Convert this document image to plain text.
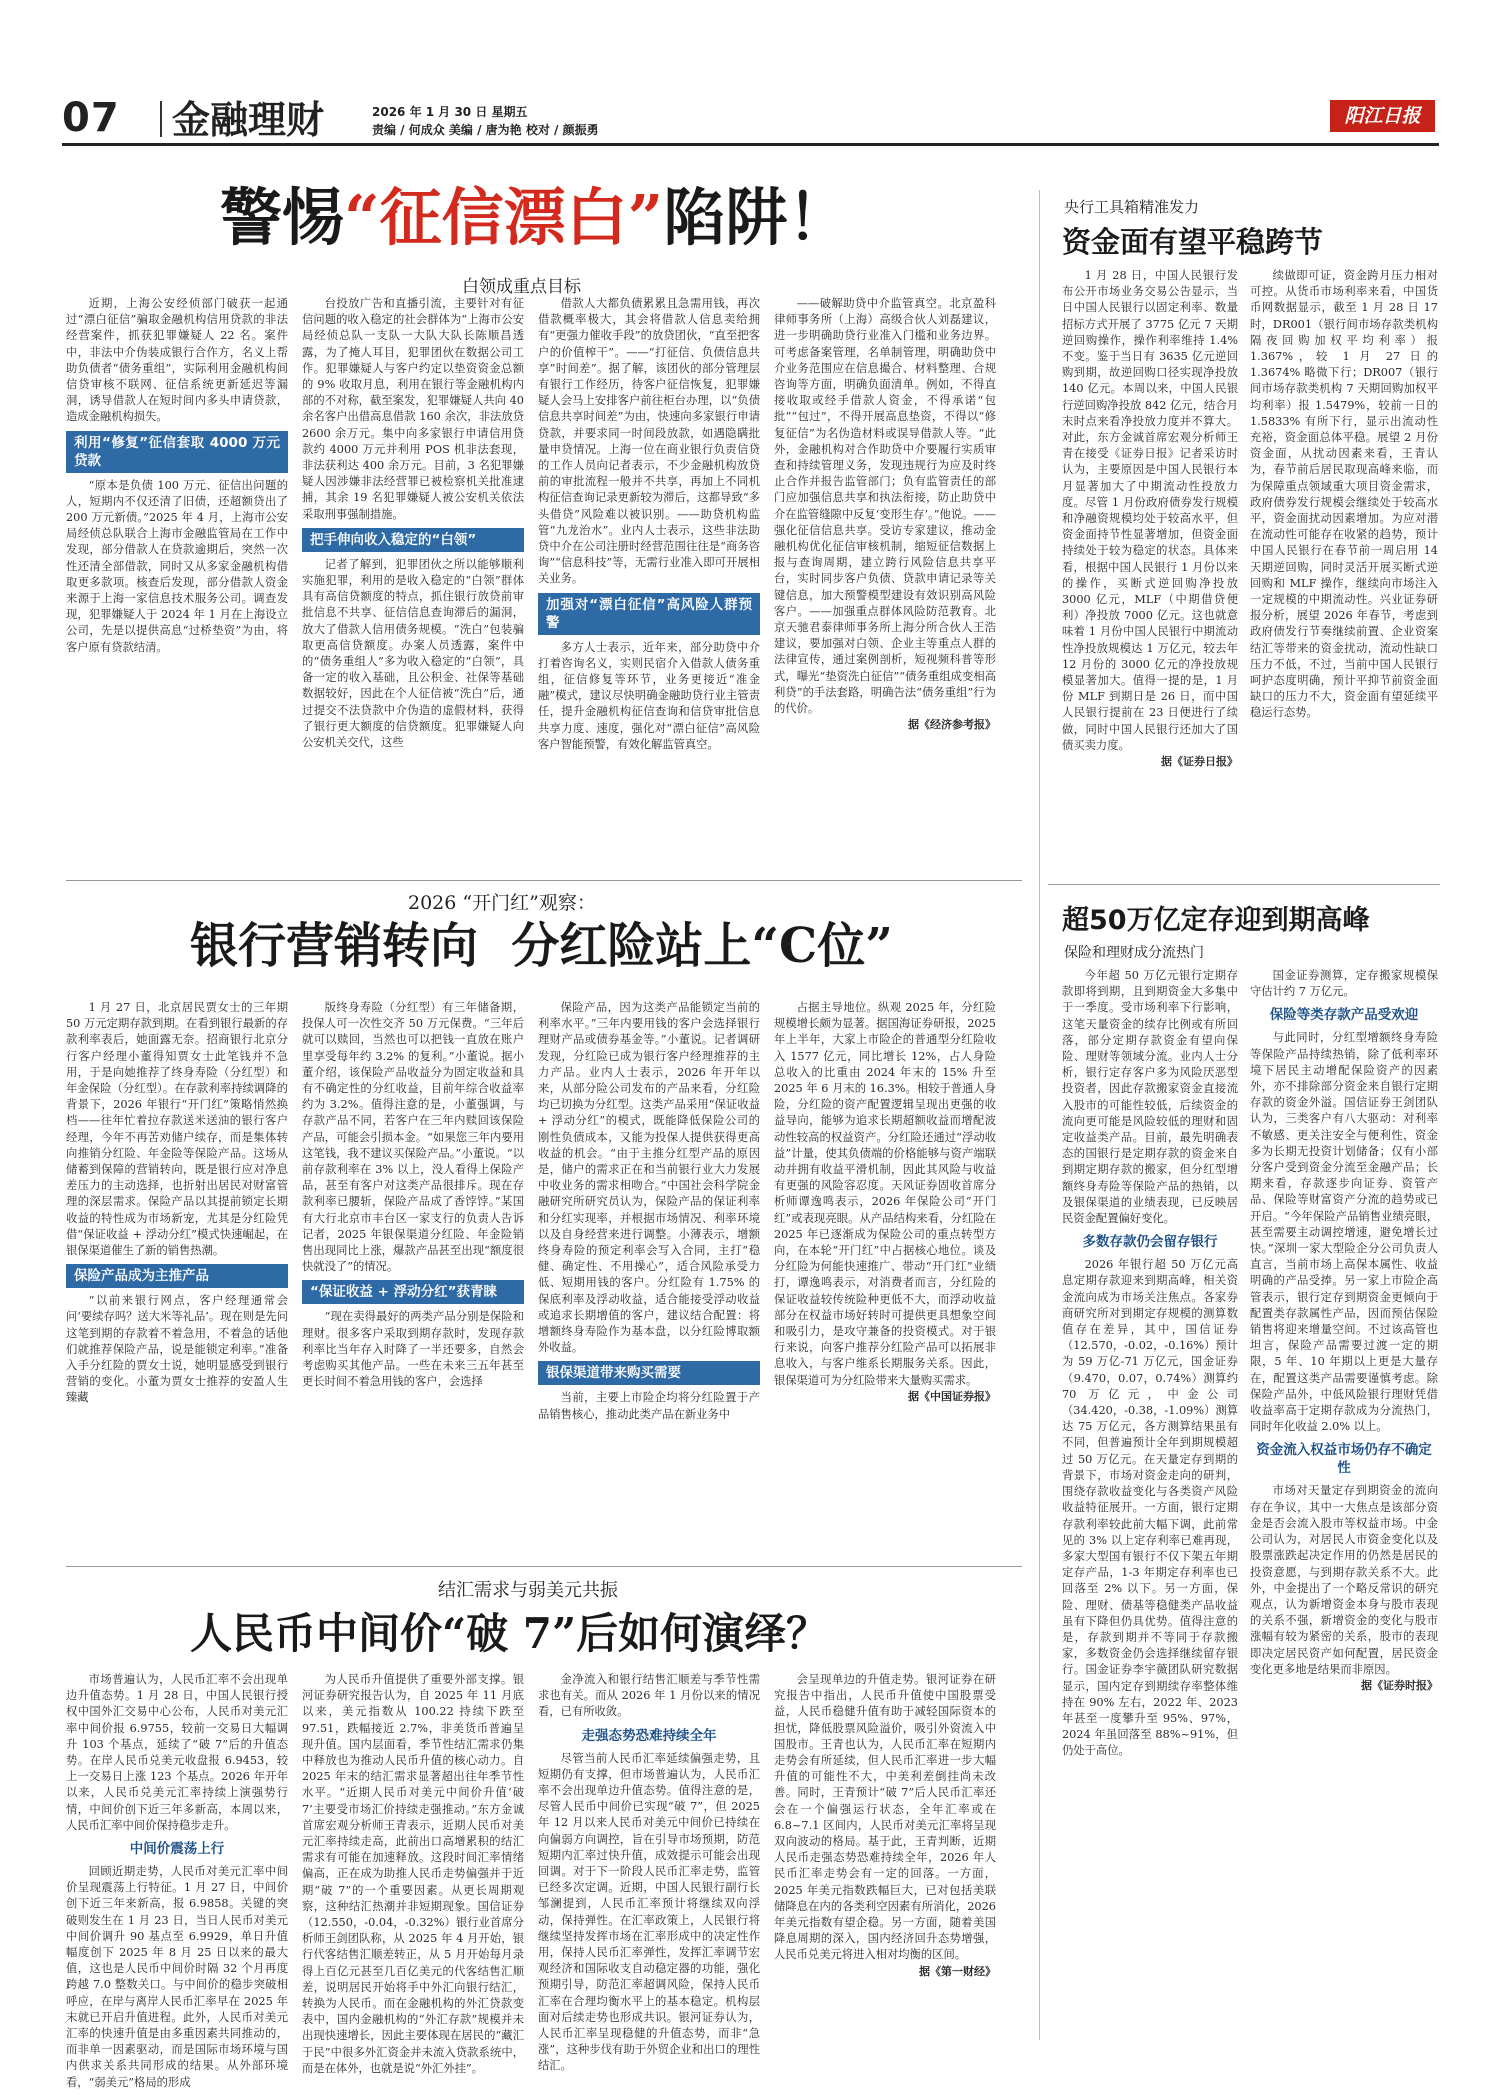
07 金融理财	2026 年 1 月 30 日 星期五
责编 / 何成众 美编 / 唐为艳 校对 / 颜振勇
阳江日报
警惕“征信漂白”陷阱！
白领成重点目标

近期，上海公安经侦部门破获一起通过“漂白征信”骗取金融机构信用贷款的非法经营案件，抓获犯罪嫌疑人 22 名。案件中，非法中介伪装成银行合作方，名义上帮助负债者“债务重组”，实际利用金融机构间信贷审核不联网、征信系统更新延迟等漏洞，诱导借款人在短时间内多头申请贷款，造成金融机构损失。

利用“修复”征信套取 4000 万元贷款

“原本是负债 100 万元、征信出问题的人，短期内不仅还清了旧债，还超额贷出了 200 万元新债。”2025 年 4 月，上海市公安局经侦总队联合上海市金融监管局在工作中发现，部分借款人在贷款逾期后，突然一次性还清全部借款，同时又从多家金融机构借取更多款项。核查后发现，部分借款人资金来源于上海一家信息技术服务公司。调查发现，犯罪嫌疑人于 2024 年 1 月在上海设立公司，先是以提供高息“过桥垫资”为由，将客户原有贷款结清。

台投放广告和直播引流，主要针对有征信问题的收入稳定的社会群体为“上海市公安局经侦总队一支队一大队大队长陈顺昌透露，为了掩人耳目，犯罪团伙在数据公司工作。犯罪嫌疑人与客户约定以垫资资金总额的 9% 收取月息，利用在银行等金融机构内部的不对称，截至案发，犯罪嫌疑人共向 40 余名客户出借高息借款 160 余次，非法放贷 2600 余万元。集中向多家银行申请信用贷款约 4000 万元并利用 POS 机非法套现，非法获利达 400 余万元。目前，3 名犯罪嫌疑人因涉嫌非法经营罪已被检察机关批准逮捕，其余 19 名犯罪嫌疑人被公安机关依法采取刑事强制措施。

把手伸向收入稳定的“白领”

记者了解到，犯罪团伙之所以能够顺利实施犯罪，利用的是收入稳定的“白领”群体具有高信贷额度的特点，抓住银行放贷前审批信息不共享、征信信息查询滞后的漏洞，放大了借款人信用债务规模。“洗白”包装骗取更高信贷额度。办案人员透露，案件中的“债务重组人”多为收入稳定的“白领”，具备一定的收入基础，且公积金、社保等基础数据较好，因此在个人征信被“洗白”后，通过提交不法贷款中介伪造的虚假材料，获得了银行更大额度的信贷额度。犯罪嫌疑人向公安机关交代，这些

借款人大都负债累累且急需用钱，再次借款概率极大，其会将借款人信息卖给拥有“更强力催收手段”的放贷团伙，“直至把客户的价值榨干”。——“打征信、负债信息共享”时间差”。据了解，该团伙的部分管理层有银行工作经历，待客户征信恢复，犯罪嫌疑人会马上安排客户前往柜台办理，以“负债信息共享时间差”为由，快速向多家银行申请贷款，并要求同一时间段放款，如遇隐瞒批量申贷情况。上海一位在商业银行负责信贷的工作人员向记者表示，不少金融机构放贷前的审批流程一般并不共享，再加上不同机构征信查询记录更新较为滞后，这都导致“多头借贷”风险难以被识别。——助贷机构监管“九龙治水”。业内人士表示，这些非法助贷中介在公司注册时经营范围往往是“商务咨询”“信息科技”等，无需行业准入即可开展相关业务。

加强对“漂白征信”高风险人群预警

多方人士表示，近年来，部分助贷中介打着咨询名义，实则民宿介入借款人债务重组，征信修复等环节，业务更接近“准金融”模式，建议尽快明确金融助贷行业主管责任，提升金融机构征信查询和信贷审批信息共享力度、速度，强化对“漂白征信”高风险客户智能预警，有效化解监管真空。

——破解助贷中介监管真空。北京盈科律师事务所（上海）高级合伙人刘磊建议，进一步明确助贷行业准入门槛和业务边界。可考虑备案管理，名单制管理，明确助贷中介业务范围应在信息撮合、材料整理、合规咨询等方面，明确负面清单。例如，不得直接收取或经手借款人资金，不得承诺“包批”“包过”，不得开展高息垫资，不得以“修复征信”为名伪造材料或误导借款人等。“此外，金融机构对合作助贷中介要履行实质审查和持续管理义务，发现违规行为应及时终止合作并报告监管部门；负有监管责任的部门应加强信息共享和执法衔接，防止助贷中介在监管缝隙中反复‘变形生存’。”他说。——强化征信信息共享。受访专家建议，推动金融机构优化征信审核机制，缩短征信数据上报与查询周期，建立跨行风险信息共享平台，实时同步客户负债、贷款申请记录等关键信息，加大预警模型建设有效识别高风险客户。——加强重点群体风险防范教育。北京天驰君泰律师事务所上海分所合伙人王浩建议，要加强对白领、企业主等重点人群的法律宣传，通过案例剖析，短视频科普等形式，曝光“垫资洗白征信”“债务重组成变相高利贷”的手法套路，明确告法“债务重组”行为的代价。

据《经济参考报》
央行工具箱精准发力
资金面有望平稳跨节

1 月 28 日，中国人民银行发布公开市场业务交易公告显示，当日中国人民银行以固定利率、数量招标方式开展了 3775 亿元 7 天期逆回购操作，操作利率维持 1.4% 不变。鉴于当日有 3635 亿元逆回购到期，故逆回购口径实现净投放 140 亿元。本周以来，中国人民银行逆回购净投放 842 亿元，结合月末时点来看净投放力度并不算大。对此，东方金诚首席宏观分析师王青在接受《证券日报》记者采访时认为，主要原因是中国人民银行本月显著加大了中期流动性投放力度。尽管 1 月份政府债券发行规模和净融资规模均处于较高水平，但资金面持节性显著增加，但资金面持续处于较为稳定的状态。具体来看，根据中国人民银行 1 月份以来的操作，买断式逆回购净投放 3000 亿元，MLF（中期借贷便利）净投放 7000 亿元。这也就意味着 1 月份中国人民银行中期流动性净投放规模达 1 万亿元，较去年 12 月份的 3000 亿元的净投放规模显著加大。值得一提的是，1 月份 MLF 到期日是 26 日，而中国人民银行提前在 23 日便进行了续做，同时中国人民银行还加大了国债买卖力度。

据《证券日报》

续做即可证，资金跨月压力相对可控。从货币市场利率来看，中国货币网数据显示，截至 1 月 28 日 17 时，DR001（银行间市场存款类机构隔夜回购加权平均利率）报 1.367%，较 1 月 27 日的 1.3674% 略微下行；DR007（银行间市场存款类机构 7 天期回购加权平均利率）报 1.5479%，较前一日的 1.5833% 有所下行，显示出流动性充裕，资金面总体平稳。展望 2 月份资金面，从扰动因素来看，王青认为，春节前后居民取现高峰来临，而为保障重点领域重大项目资金需求，政府债券发行规模会继续处于较高水平，资金面扰动因素增加。为应对潜在流动性可能存在收紧的趋势，预计中国人民银行在春节前一周启用 14 天期逆回购，同时灵活开展买断式逆回购和 MLF 操作，继续向市场注入一定规模的中期流动性。兴业证券研报分析，展望 2026 年春节，考虑到政府债发行节奏继续前置、企业资案结汇等带来的资金扰动，流动性缺口压力不低，不过，当前中国人民银行呵护态度明确，预计平抑节前资金面缺口的压力不大，资金面有望延续平稳运行态势。

2026 “开门红”观察：
银行营销转向  分红险站上“C位”

1 月 27 日，北京居民贾女士的三年期 50 万元定期存款到期。在看到银行最新的存款利率表后，她面露无奈。招商银行北京分行客户经理小董得知贾女士此笔钱并不急用，于是向她推荐了终身寿险（分红型）和年金保险（分红型）。在存款利率持续调降的背景下，2026 年银行“开门红”策略悄然换档——往年忙着拉存款送米送油的银行客户经理，今年不再苦劝储户续存，而是集体转向推销分红险、年金险等保险产品。这场从储蓄到保障的营销转向，既是银行应对净息差压力的主动选择，也折射出居民对财富管理的深层需求。保险产品以其提前锁定长期收益的特性成为市场新宠，尤其是分红险凭借“保证收益 + 浮动分红”模式快速崛起，在银保渠道催生了新的销售热潮。

保险产品成为主推产品

“以前来银行网点，客户经理通常会问‘要续存吗？送大米等礼品’。现在则是先问这笔到期的存款着不着急用，不着急的话他们就推荐保险产品，说是能锁定利率。”准备入手分红险的贾女士说，她明显感受到银行营销的变化。小董为贾女士推荐的安盈人生臻藏

版终身寿险（分红型）有三年储备期，投保人可一次性交齐 50 万元保费。“三年后就可以赎回，当然也可以把钱一直放在账户里享受每年约 3.2% 的复利。”小董说。据小董介绍，该保险产品收益分为固定收益和具有不确定性的分红收益，目前年综合收益率约为 3.2%。值得注意的是，小董强调，与存款产品不同，若客户在三年内赎回该保险产品，可能会引损本金。“如果您三年内要用这笔钱，我不建议买保险产品。”小董说。“以前存款利率在 3% 以上，没人看得上保险产品，甚至有客户对这类产品很排斥。现在存款利率已腰斩，保险产品成了香饽饽。”某国有大行北京市丰台区一家支行的负责人告诉记者，2025 年银保渠道分红险、年金险销售出现同比上涨，爆款产品甚至出现“额度很快就没了”的情况。

“保证收益 + 浮动分红”获青睐

“现在卖得最好的两类产品分别是保险和理财。很多客户采取到期存款时，发现存款利率比当年存入时降了一半还要多，自然会考虑购买其他产品。一些在未来三五年甚至更长时间不着急用钱的客户，会选择

保险产品，因为这类产品能锁定当前的利率水平。”三年内要用钱的客户会选择银行理财产品或债券基金等。”小董说。记者调研发现，分红险已成为银行客户经理推荐的主力产品。业内人士表示，2026 年开年以来，从部分险公司发布的产品来看，分红险均已切换为分红型。这类产品采用“保证收益 + 浮动分红”的模式，既能降低保险公司的刚性负债成本，又能为投保人提供获得更高收益的机会。“由于主推分红型产品的原因是，储户的需求正在和当前银行业大力发展中收业务的需求相吻合。”中国社会科学院金融研究所研究员认为，保险产品的保证利率和分红实现率，并根据市场情况、利率环境以及自身经营来进行调整。小薄表示，增额终身寿险的预定利率会写入合同，主打“稳健、确定性、不用操心”，适合风险承受力低、短期用钱的客户。分红险有 1.75% 的保底利率及浮动收益，适合能接受浮动收益或追求长期增值的客户，建议结合配置：将增额终身寿险作为基本盘，以分红险博取额外收益。

银保渠道带来购买需要

当前，主要上市险企均将分红险置于产品销售核心，推动此类产品在新业务中

占据主导地位。纵观 2025 年，分红险规模增长颇为显著。据国海证券研报，2025 年上半年，大家上市险企的普通型分红险收入 1577 亿元，同比增长 12%，占人身险总收入的比重由 2024 年末的 15% 升至 2025 年 6 月末的 16.3%。相较于普通人身险，分红险的资产配置逻辑呈现出更强的收益导向，能够为追求长期超额收益而增配波动性较高的权益资产。分红险还通过“浮动收益”计量，使其负债端的价格能够与资产端联动并拥有收益平滑机制，因此其风险与收益有更强的风险容忍度。天风证券固收首席分析师谭逸鸣表示，2026 年保险公司“开门红”或表现亮眼。从产品结构来看，分红险在 2025 年已逐渐成为保险公司的重点转型方向，在本轮“开门红”中占据核心地位。谈及分红险为何能快速推广、带动“开门红”业绩打，谭逸鸣表示，对消费者而言，分红险的保证收益较传统险种更低不大，而浮动收益部分在权益市场好转时可提供更具想象空间和吸引力，是攻守兼备的投资模式。对于银行来说，向客户推荐分红险产品可以拓展非息收入，与客户维系长期服务关系。因此，银保渠道可为分红险带来大量购买需求。

据《中国证券报》
超50万亿定存迎到期高峰
保险和理财成分流热门

今年超 50 万亿元银行定期存款即将到期，且到期资金大多集中于一季度。受市场利率下行影响，这笔天量资金的续存比例或有所回落，部分定期存款资金有望向保险、理财等领域分流。业内人士分析，银行定存客户多为风险厌恶型投资者，因此存款搬家资金直接流入股市的可能性较低，后续资金的流向更可能是风险较低的理财和固定收益类产品。目前，最先明确表态的国银行是定期存款的资金来自到期定期存款的搬家，但分红型增额终身寿险等保险产品的热销，以及银保渠道的业绩表现，已反映居民资金配置偏好变化。

多数存款仍会留存银行

2026 年银行超 50 万亿元高息定期存款迎来到期高峰，相关资金流向成为市场关注焦点。各家券商研究所对到期定存规模的测算数值存在差异，其中，国信证券（12.570，-0.02，-0.16%）预计为 59 万亿-71 万亿元，国金证券（9.470，0.07，0.74%）测算约 70 万亿元，中金公司（34.420，-0.38，-1.09%）测算达 75 万亿元，各方测算结果虽有不同，但普遍预计全年到期规模超过 50 万亿元。在天量定存到期的背景下，市场对资金走向的研判，围绕存款收益变化与各类资产风险收益特征展开。一方面，银行定期存款利率较此前大幅下调，此前常见的 3% 以上定存利率已难再现，多家大型国有银行不仅下架五年期定存产品，1-3 年期定存利率也已回落至 2% 以下。另一方面，保险、理财、债基等稳健类产品收益虽有下降但仍具优势。值得注意的是，存款到期并不等同于存款搬家，多数资金仍会选择继续留存银行。国金证券李宇薇团队研究数据显示，国内定存到期续存率整体维持在 90% 左右，2022 年、2023 年甚至一度攀升至 95%、97%，2024 年虽回落至 88%~91%，但仍处于高位。

国金证券测算，定存搬家规模保守估计约 7 万亿元。

保险等类存款产品受欢迎

与此同时，分红型增额终身寿险等保险产品持续热销，除了低利率环境下居民主动增配保险资产的因素外，亦不排除部分资金来自银行定期存款的资金外溢。国信证券王剑团队认为，三类客户有八大驱动：对利率不敏感、更关注安全与便利性，资金多为长期无投资计划储备；仅有小部分客户受到资金分流至金融产品；长期来看，存款逐步向证券、资管产品、保险等财富资产分流的趋势或已开启。“今年保险产品销售业绩亮眼，甚至需要主动调控增速，避免增长过快。”深圳一家大型险企分公司负责人直言，当前市场上高保本属性、收益明确的产品受捧。另一家上市险企高管表示，银行定存到期资金更倾向于配置类存款属性产品，因而预估保险销售将迎来增量空间。不过该高管也坦言，保险产品需要过渡一定的期限，5 年、10 年期以上更是大量存在，配置这类产品需要谨慎考虑。除保险产品外，中低风险银行理财凭借收益率高于定期存款成为分流热门，同时年化收益 2.0% 以上。

资金流入权益市场仍存不确定性

市场对天量定存到期资金的流向存在争议，其中一大焦点是该部分资金是否会流入股市等权益市场。中金公司认为，对居民人市资金变化以及股票涨跌起决定作用的仍然是居民的投资意愿，与到期存款关系不大。此外，中金提出了一个略反常识的研究观点，认为新增资金本身与股市表现的关系不强，新增资金的变化与股市涨幅有较为紧密的关系，股市的表现即决定居民资产如何配置，居民资金变化更多地是结果而非原因。

据《证券时报》
结汇需求与弱美元共振
人民币中间价“破 7”后如何演绎？

市场普遍认为，人民币汇率不会出现单边升值态势。1 月 28 日，中国人民银行授权中国外汇交易中心公布，人民币对美元汇率中间价报 6.9755，较前一交易日大幅调升 103 个基点，延续了“破 7”后的升值态势。在岸人民币兑美元收盘报 6.9453，较上一交易日上涨 123 个基点。2026 年开年以来，人民币兑美元汇率持续上演强势行情，中间价创下近三年多新高，本周以来，人民币汇率中间价保持稳步走升。

中间价震荡上行

回顾近期走势，人民币对美元汇率中间价呈现震荡上行特征。1 月 27 日，中间价创下近三年来新高，报 6.9858。关键的突破则发生在 1 月 23 日，当日人民币对美元中间价调升 90 基点至 6.9929，单日升值幅度创下 2025 年 8 月 25 日以来的最大值，这也是人民币中间价时隔 32 个月再度跨越 7.0 整数关口。与中间价的稳步突破相呼应，在岸与离岸人民币汇率早在 2025 年末就已开启升值进程。此外，人民币对美元汇率的快速升值是由多重因素共同推动的，而非单一因素驱动，而是国际市场环境与国内供求关系共同形成的结果。从外部环境看，“弱美元”格局的形成

为人民币升值提供了重要外部支撑。银河证券研究报告认为，自 2025 年 11 月底以来，美元指数从 100.22 持续下跌至 97.51，跌幅接近 2.7%，非美货币普遍呈现升值。国内层面看，季节性结汇需求仍集中释放也为推动人民币升值的核心动力。自 2025 年末的结汇需求显著超出往年季节性水平。“近期人民币对美元中间价升值‘破 7’主要受市场汇价持续走强推动。”东方金诚首席宏观分析师王青表示，近期人民币对美元汇率持续走高，此前出口高增累积的结汇需求有可能在加速释放。这段时间汇率情绪偏高，正在成为助推人民币走势偏强并于近期“破 7”的一个重要因素。从更长周期观察，这种结汇热潮并非短期现象。国信证券（12.550，-0.04，-0.32%）银行业首席分析师王剑团队称，从 2025 年 4 月开始，银行代客结售汇顺差转正，从 5 月开始每月录得上百亿元甚至几百亿美元的代客结售汇顺差，说明居民开始将手中外汇向银行结汇，转换为人民币。而在金融机构的外汇贷款变表中，国内金融机构的“外汇存款”规模并未出现快速增长，因此主要体现在居民的“藏汇于民”中很多外汇资金并未流入贷款系统中，而是在体外，也就是说“外汇外挂”。

金净流入和银行结售汇顺差与季节性需求也有关。而从 2026 年 1 月份以来的情况看，已有所收敛。

走强态势恐难持续全年

尽管当前人民币汇率延续偏强走势，且短期仍有支撑，但市场普遍认为，人民币汇率不会出现单边升值态势。值得注意的是，尽管人民币中间价已实现“破 7”，但 2025 年 12 月以来人民币对美元中间价已持续在向偏弱方向调控，旨在引导市场预期，防范短期内汇率过快升值，成效提示可能会出现回调。对于下一阶段人民币汇率走势，监管已经多次定调。近期，中国人民银行副行长邹澜提到，人民币汇率预计将继续双向浮动，保持弹性。在汇率政策上，人民银行将继续坚持发挥市场在汇率形成中的决定性作用，保持人民币汇率弹性，发挥汇率调节宏观经济和国际收支自动稳定器的功能，强化预期引导，防范汇率超调风险，保持人民币汇率在合理均衡水平上的基本稳定。机构层面对后续走势也形成共识。银河证券认为，人民币汇率呈现稳健的升值态势，而非“急涨”，这种步伐有助于外贸企业和出口的理性结汇。

会呈现单边的升值走势。银河证券在研究报告中指出，人民币升值使中国股票受益，人民币稳健升值有助于减轻国际资本的担忧，降低股票风险溢价，吸引外资流入中国股市。王青也认为，人民币汇率在短期内走势会有所延续，但人民币汇率进一步大幅升值的可能性不大，中美利差倒挂尚未改善。同时，王青预计“破 7”后人民币汇率还会在一个偏强运行状态，全年汇率或在 6.8~7.1 区间内，人民币对美元汇率将呈现双向波动的格局。基于此，王青判断，近期人民币走强态势恐难持续全年，2026 年人民币汇率走势会有一定的回落。一方面，2025 年美元指数跌幅巨大，已对包括美联储降息在内的各类利空因素有所消化，2026 年美元指数有望企稳。另一方面，随着美国降息周期的深入，国内经济回升态势增强，人民币兑美元将进入相对均衡的区间。

据《第一财经》
